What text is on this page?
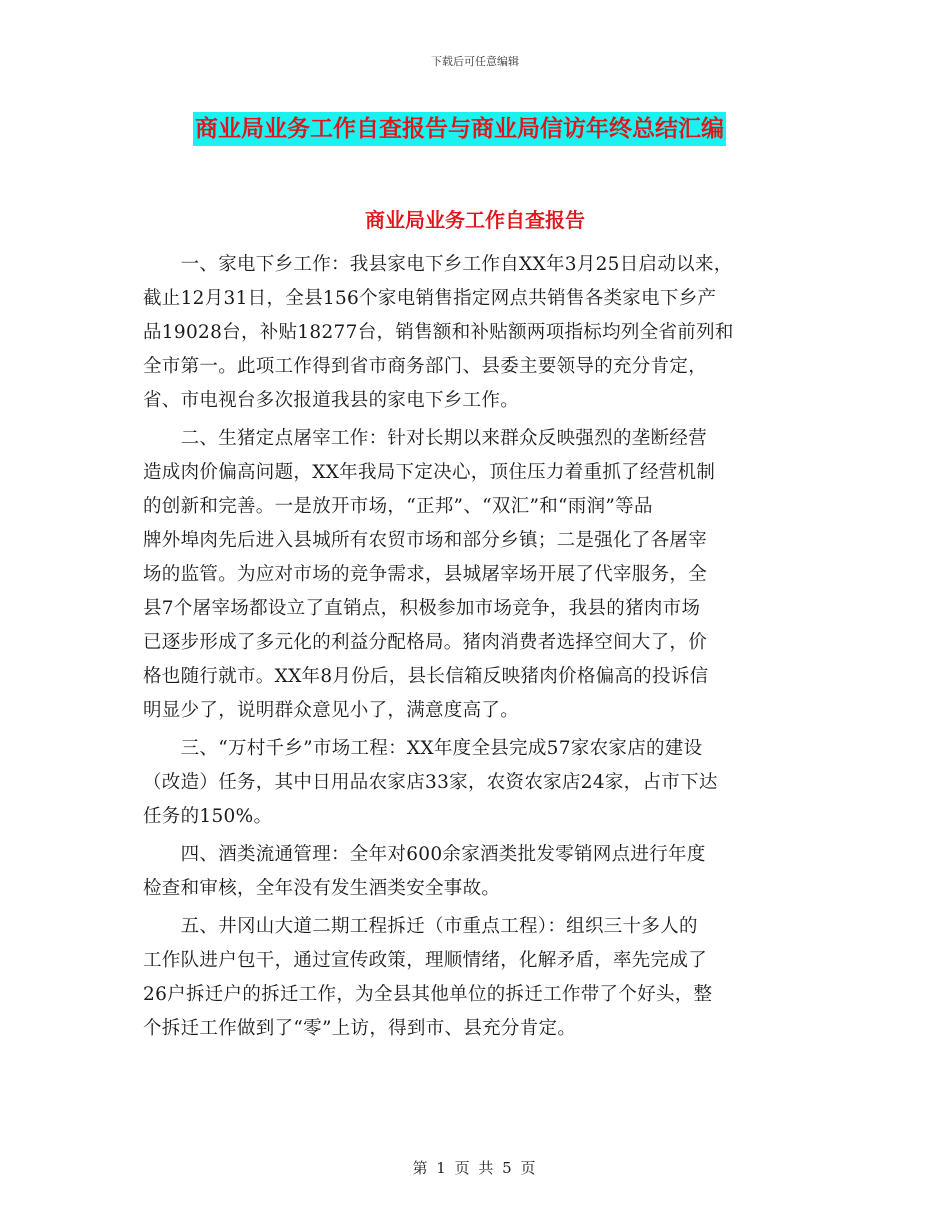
下载后可任意编辑
商业局业务工作自查报告与商业局信访年终总结汇编
商业局业务工作自查报告
　　一、家电下乡工作：我县家电下乡工作自XX年3月25日启动以来，
截止12月31日，全县156个家电销售指定网点共销售各类家电下乡产
品19028台，补贴18277台，销售额和补贴额两项指标均列全省前列和
全市第一。此项工作得到省市商务部门、县委主要领导的充分肯定，
省、市电视台多次报道我县的家电下乡工作。
　　二、生猪定点屠宰工作：针对长期以来群众反映强烈的垄断经营
造成肉价偏高问题，XX年我局下定决心，顶住压力着重抓了经营机制
的创新和完善。一是放开市场，“正邦”、“双汇”和“雨润”等品
牌外埠肉先后进入县城所有农贸市场和部分乡镇；二是强化了各屠宰
场的监管。为应对市场的竞争需求，县城屠宰场开展了代宰服务，全
县7个屠宰场都设立了直销点，积极参加市场竞争，我县的猪肉市场
已逐步形成了多元化的利益分配格局。猪肉消费者选择空间大了，价
格也随行就市。XX年8月份后，县长信箱反映猪肉价格偏高的投诉信
明显少了，说明群众意见小了，满意度高了。
　　三、“万村千乡”市场工程：XX年度全县完成57家农家店的建设
（改造）任务，其中日用品农家店33家，农资农家店24家，占市下达
任务的150%。
　　四、酒类流通管理：全年对600余家酒类批发零销网点进行年度
检查和审核，全年没有发生酒类安全事故。
　　五、井冈山大道二期工程拆迁（市重点工程）：组织三十多人的
工作队进户包干，通过宣传政策，理顺情绪，化解矛盾，率先完成了
26户拆迁户的拆迁工作，为全县其他单位的拆迁工作带了个好头，整
个拆迁工作做到了“零”上访，得到市、县充分肯定。
第 1 页 共 5 页
